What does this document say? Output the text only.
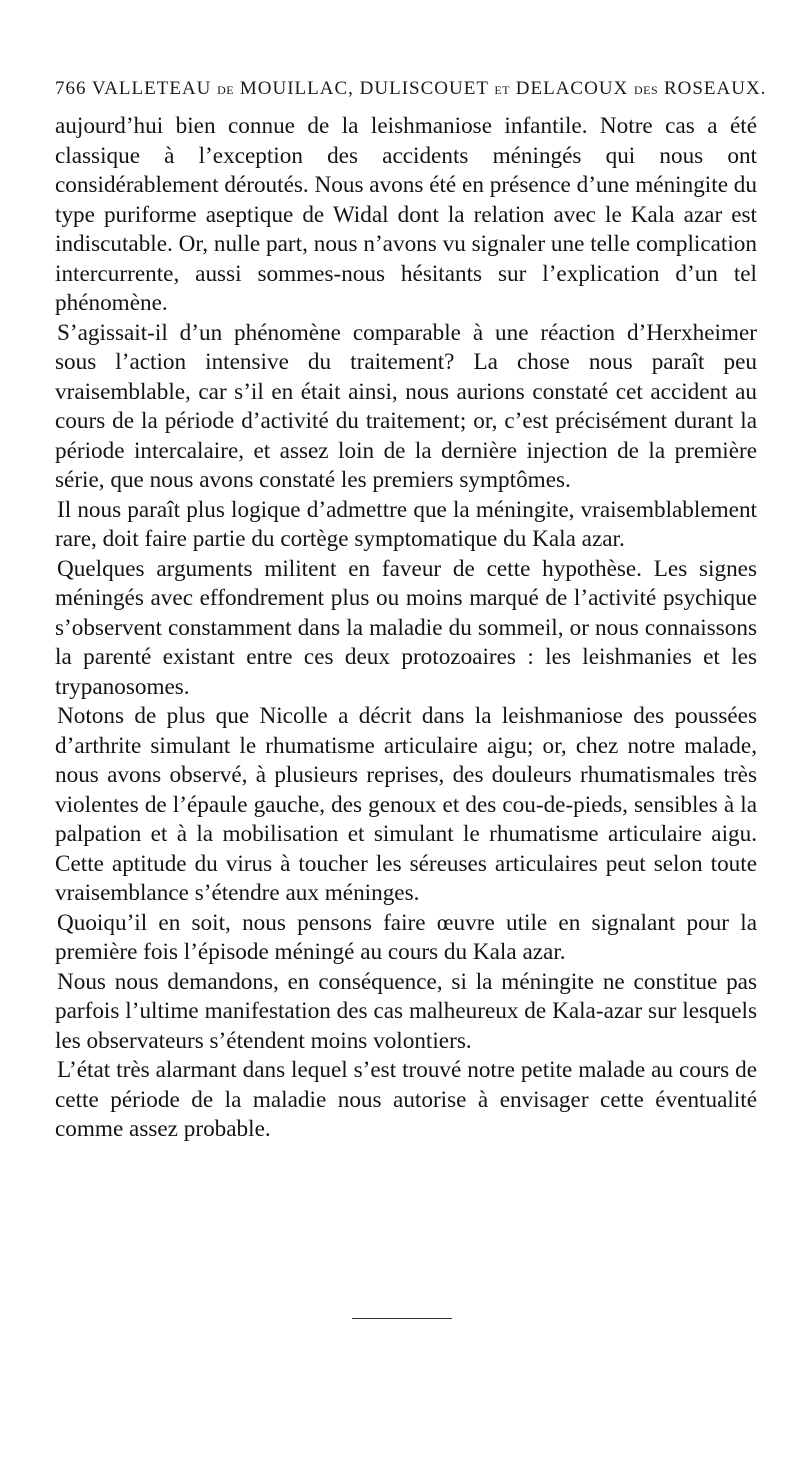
766 VALLETEAU DE MOUILLAC, DULISCOUET ET DELACOUX DES ROSEAUX.

aujourd’hui bien connue de la leishmaniose infantile. Notre cas a été classique à l’exception des accidents méningés qui nous ont considérablement déroutés. Nous avons été en présence d’une méningite du type puriforme aseptique de Widal dont la relation avec le Kala azar est indiscutable. Or, nulle part, nous n’avons vu signaler une telle complication intercurrente, aussi sommes-nous hésitants sur l’explication d’un tel phénomène.

S’agissait-il d’un phénomène comparable à une réaction d’Herxheimer sous l’action intensive du traitement? La chose nous paraît peu vraisemblable, car s’il en était ainsi, nous aurions constaté cet accident au cours de la période d’activité du traitement; or, c’est précisément durant la période intercalaire, et assez loin de la dernière injection de la première série, que nous avons constaté les premiers symptômes.

Il nous paraît plus logique d’admettre que la méningite, vraisemblablement rare, doit faire partie du cortège symptomatique du Kala azar.

Quelques arguments militent en faveur de cette hypothèse. Les signes méningés avec effondrement plus ou moins marqué de l’activité psychique s’observent constamment dans la maladie du sommeil, or nous connaissons la parenté existant entre ces deux protozoaires : les leishmanies et les trypanosomes.

Notons de plus que Nicolle a décrit dans la leishmaniose des poussées d’arthrite simulant le rhumatisme articulaire aigu; or, chez notre malade, nous avons observé, à plusieurs reprises, des douleurs rhumatismales très violentes de l’épaule gauche, des genoux et des cou-de-pieds, sensibles à la palpation et à la mobilisation et simulant le rhumatisme articulaire aigu. Cette aptitude du virus à toucher les séreuses articulaires peut selon toute vraisemblance s’étendre aux méninges.

Quoiqu’il en soit, nous pensons faire œuvre utile en signalant pour la première fois l’épisode méningé au cours du Kala azar.

Nous nous demandons, en conséquence, si la méningite ne constitue pas parfois l’ultime manifestation des cas malheureux de Kala-azar sur lesquels les observateurs s’étendent moins volontiers.

L’état très alarmant dans lequel s’est trouvé notre petite malade au cours de cette période de la maladie nous autorise à envisager cette éventualité comme assez probable.
